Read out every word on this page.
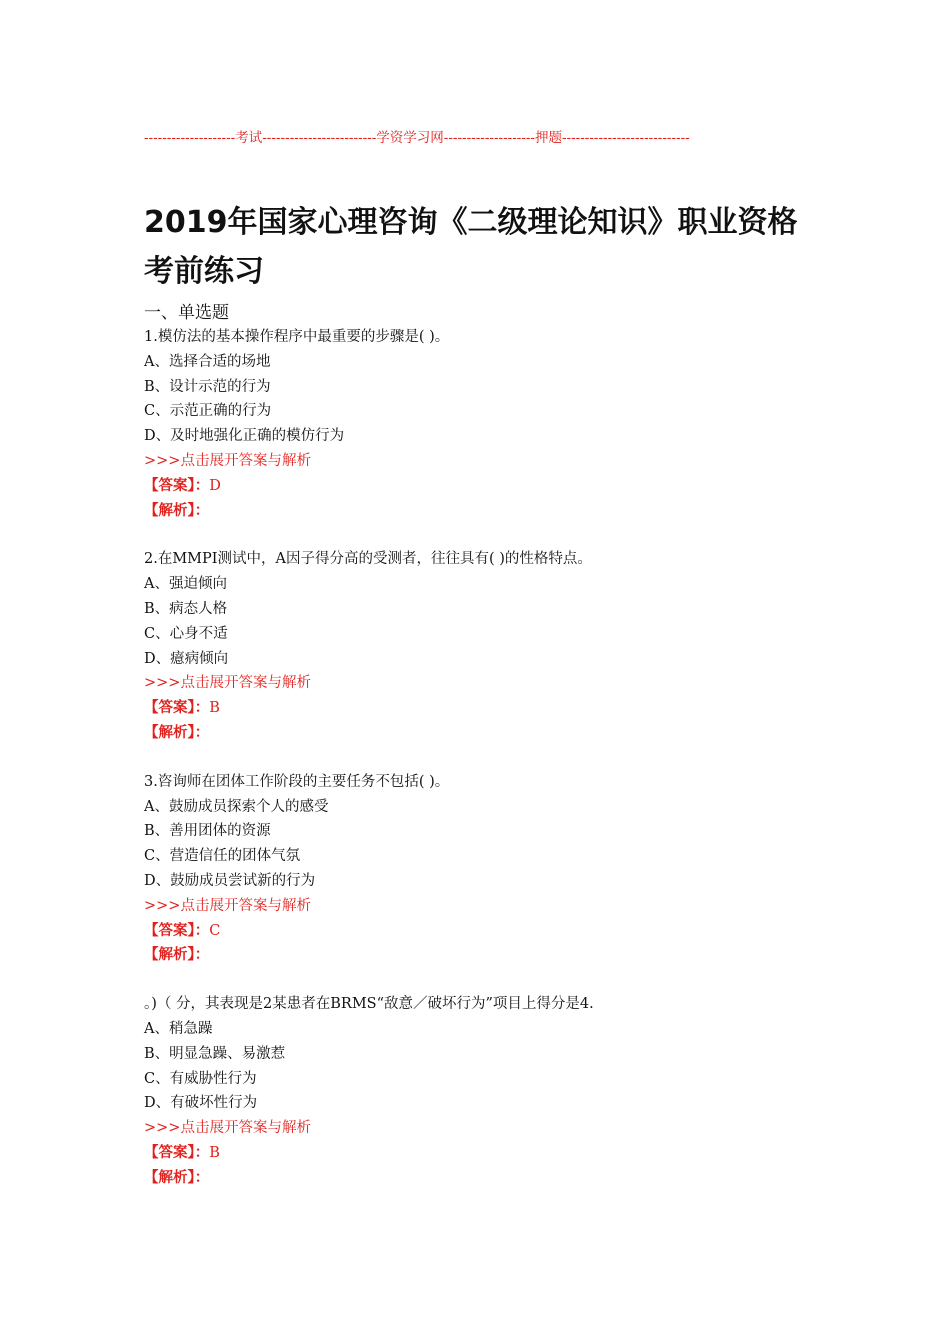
--------------------考试-------------------------学资学习网--------------------押题----------------------------
2019年国家心理咨询《二级理论知识》职业资格
考前练习
一、单选题
1.模仿法的基本操作程序中最重要的步骤是( )。
A、选择合适的场地
B、设计示范的行为
C、示范正确的行为
D、及时地强化正确的模仿行为
>>>点击展开答案与解析
【答案】：D
【解析】：
2.在MMPI测试中，A因子得分高的受测者，往往具有( )的性格特点。
A、强迫倾向
B、病态人格
C、心身不适
D、癔病倾向
>>>点击展开答案与解析
【答案】：B
【解析】：
3.咨询师在团体工作阶段的主要任务不包括( )。
A、鼓励成员探索个人的感受
B、善用团体的资源
C、营造信任的团体气氛
D、鼓励成员尝试新的行为
>>>点击展开答案与解析
【答案】：C
【解析】：
。)（ 分，其表现是2某患者在BRMS“敌意／破坏行为”项目上得分是4.
A、稍急躁
B、明显急躁、易激惹
C、有威胁性行为
D、有破坏性行为
>>>点击展开答案与解析
【答案】：B
【解析】：
